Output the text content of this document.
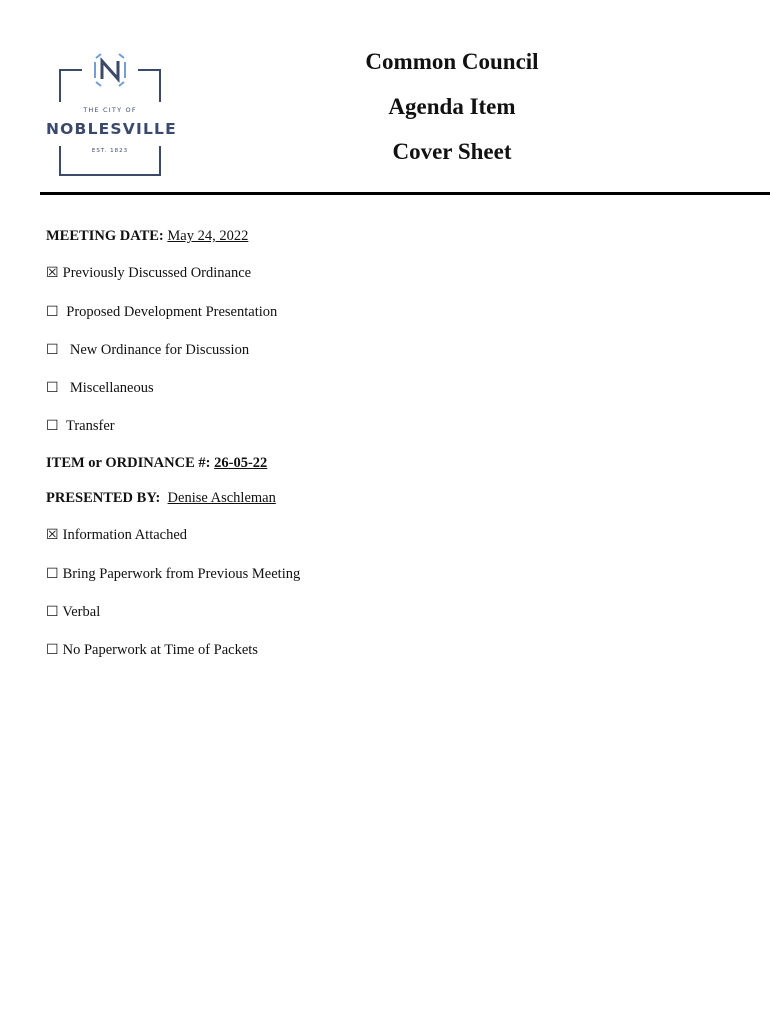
THE CITY OF
NOBLESVILLE
EST. 1823
Common Council
Agenda Item
Cover Sheet
MEETING DATE: May 24, 2022
☒ Previously Discussed Ordinance
☐ Proposed Development Presentation
☐ New Ordinance for Discussion
☐ Miscellaneous
☐ Transfer
ITEM or ORDINANCE #: 26-05-22
PRESENTED BY: Denise Aschleman
☒ Information Attached
☐ Bring Paperwork from Previous Meeting
☐ Verbal
☐ No Paperwork at Time of Packets
